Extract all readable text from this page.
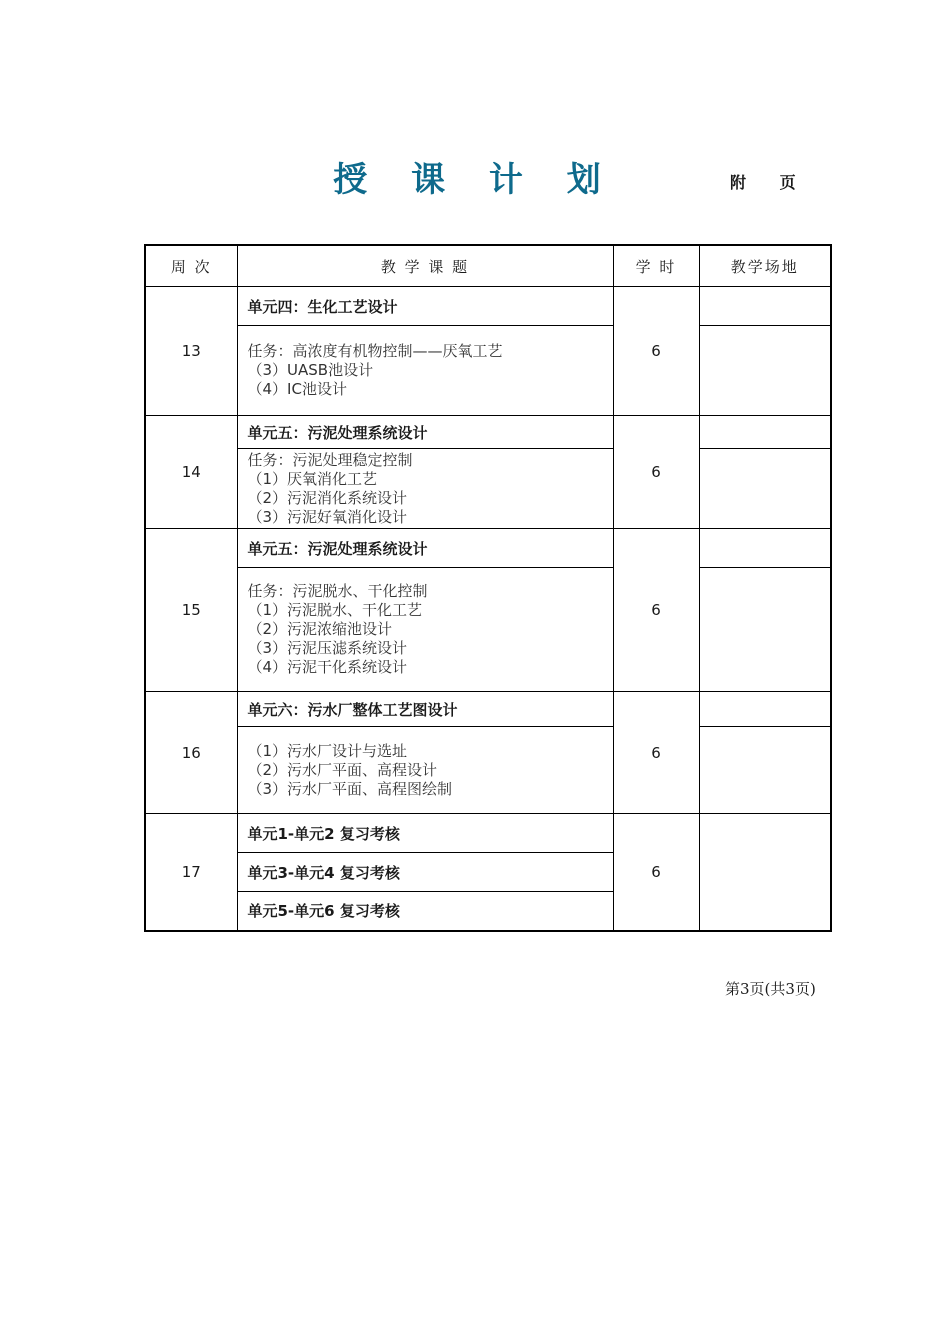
授 课 计 划	附 页
周 次	教 学 课 题	学 时	教学场地
13	单元四：生化工艺设计	6	

	任务：高浓度有机物控制——厌氧工艺
（3）UASB池设计
（4）IC池设计		

14	单元五：污泥处理系统设计	6	

	任务：污泥处理稳定控制
（1）厌氧消化工艺
（2）污泥消化系统设计
（3）污泥好氧消化设计		

15	单元五：污泥处理系统设计	6	

	任务：污泥脱水、干化控制
（1）污泥脱水、干化工艺
（2）污泥浓缩池设计
（3）污泥压滤系统设计
（4）污泥干化系统设计		

16	单元六：污水厂整体工艺图设计	6	

	（1）污水厂设计与选址
（2）污水厂平面、高程设计
（3）污水厂平面、高程图绘制		

17	单元1-单元2 复习考核	6	
	单元3-单元4 复习考核		
	单元5-单元6 复习考核		
第3页(共3页)
